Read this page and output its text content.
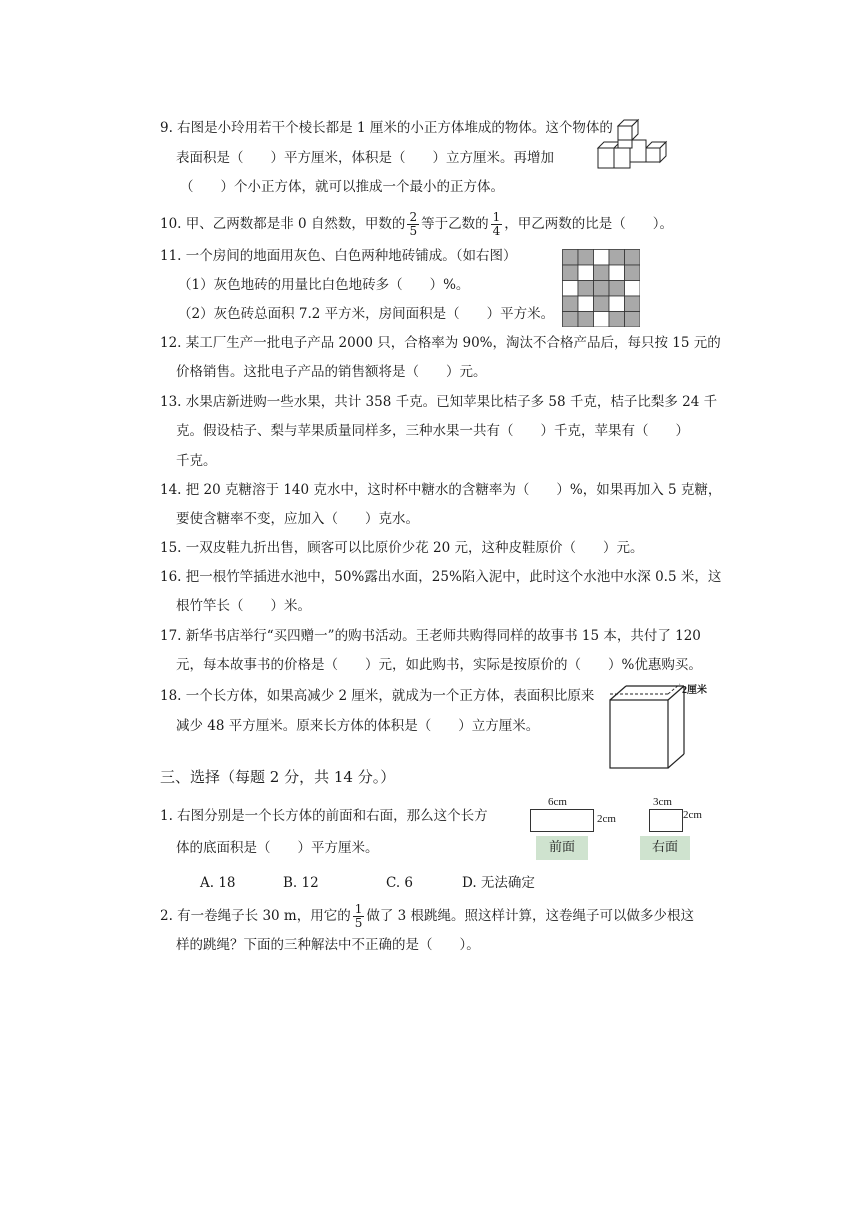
9. 右图是小玲用若干个棱长都是 1 厘米的小正方体堆成的物体。这个物体的
表面积是（　　）平方厘米，体积是（　　）立方厘米。再增加
（　　）个小正方体，就可以推成一个最小的正方体。
10. 甲、乙两数都是非 0 自然数，甲数的 $\frac{2}{5}$ 等于乙数的 $\frac{1}{4}$ ，甲乙两数的比是（　　）。
11. 一个房间的地面用灰色、白色两种地砖铺成。（如右图）
（1）灰色地砖的用量比白色地砖多（　　）%。
（2）灰色砖总面积 7.2 平方米，房间面积是（　　）平方米。
12. 某工厂生产一批电子产品 2000 只，合格率为 90%，淘汰不合格产品后，每只按 15 元的
价格销售。这批电子产品的销售额将是（　　）元。
13. 水果店新进购一些水果，共计 358 千克。已知苹果比桔子多 58 千克，桔子比梨多 24 千
克。假设桔子、梨与苹果质量同样多，三种水果一共有（　　）千克，苹果有（　　）
千克。
14. 把 20 克糖溶于 140 克水中，这时杯中糖水的含糖率为（　　）%，如果再加入 5 克糖，
要使含糖率不变，应加入（　　）克水。
15. 一双皮鞋九折出售，顾客可以比原价少花 20 元，这种皮鞋原价（　　）元。
16. 把一根竹竿插进水池中，50%露出水面，25%陷入泥中，此时这个水池中水深 0.5 米，这
根竹竿长（　　）米。
17. 新华书店举行“买四赠一”的购书活动。王老师共购得同样的故事书 15 本，共付了 120
元，每本故事书的价格是（　　）元，如此购书，实际是按原价的（　　）%优惠购买。
18. 一个长方体，如果高减少 2 厘米，就成为一个正方体，表面积比原来
减少 48 平方厘米。原来长方体的体积是（　　）立方厘米。
2厘米
三、选择（每题 2 分，共 14 分。）
1. 右图分别是一个长方体的前面和右面，那么这个长方
体的底面积是（　　）平方厘米。
6cm
2cm
前面
3cm
2cm
右面
A. 18	B. 12	C. 6	D. 无法确定
2. 有一卷绳子长 30 m，用它的 $\frac{1}{5}$ 做了 3 根跳绳。照这样计算，这卷绳子可以做多少根这
样的跳绳？下面的三种解法中不正确的是（　　）。
